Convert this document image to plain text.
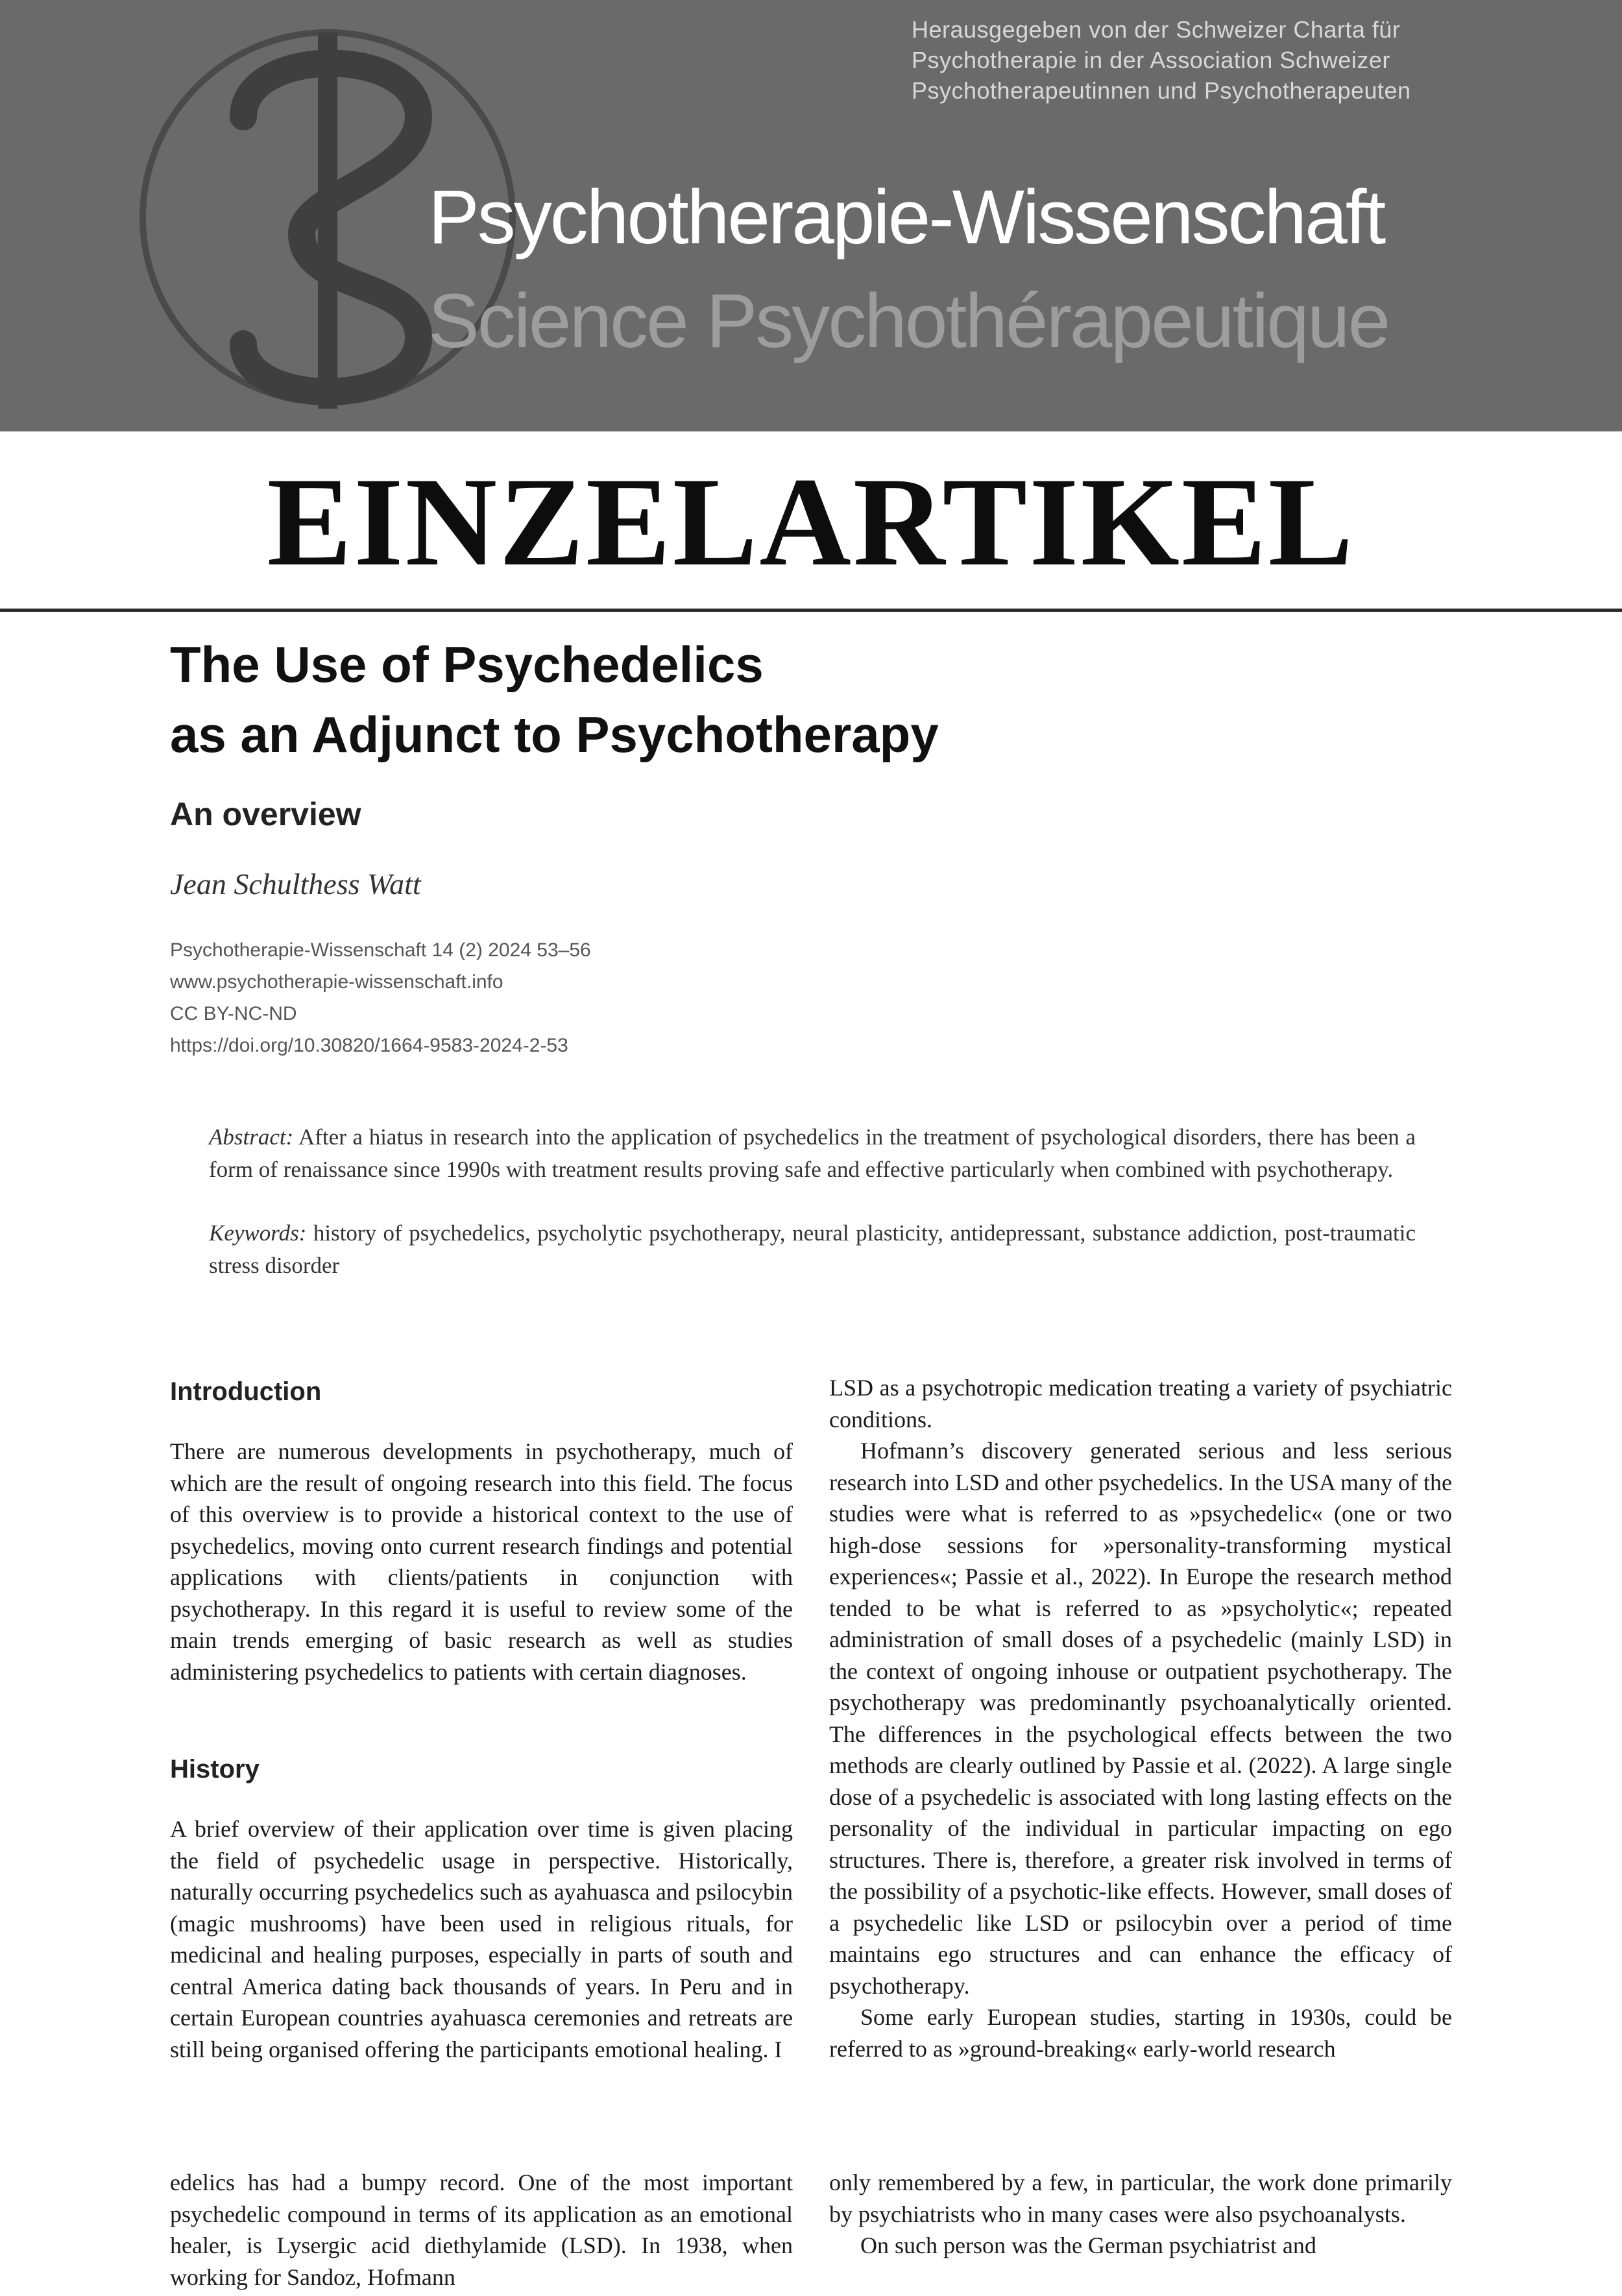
Herausgegeben von der Schweizer Charta für
Psychotherapie in der Association Schweizer
Psychotherapeutinnen und Psychotherapeuten
Psychotherapie-Wissenschaft
Science Psychothérapeutique
EINZELARTIKEL
The Use of Psychedelics
as an Adjunct to Psychotherapy
An overview
Jean Schulthess Watt
Psychotherapie-Wissenschaft 14 (2) 2024 53–56
www.psychotherapie-wissenschaft.info
CC BY-NC-ND
https://doi.org/10.30820/1664-9583-2024-2-53

Abstract: After a hiatus in research into the application of psychedelics in the treatment of psychological disorders, there has been a form of renaissance since 1990s with treatment results proving safe and effective particularly when combined with psychotherapy.

Keywords: history of psychedelics, psycholytic psychotherapy, neural plasticity, antidepressant, substance addiction, post-traumatic stress disorder

Introduction

There are numerous developments in psychotherapy, much of which are the result of ongoing research into this field. The focus of this overview is to provide a historical context to the use of psychedelics, moving onto current research findings and potential applications with clients/patients in conjunction with psychotherapy. In this regard it is useful to review some of the main trends emerging of basic research as well as studies administering psychedelics to patients with certain diagnoses.

History

A brief overview of their application over time is given placing the field of psychedelic usage in perspective. Historically, naturally occurring psychedelics such as ayahuasca and psilocybin (magic mushrooms) have been used in religious rituals, for medicinal and healing purposes, especially in parts of south and central America dating back thousands of years. In Peru and in certain European countries ayahuasca ceremonies and retreats are still being organised offering the participants emotional healing. I

LSD as a psychotropic medication treating a variety of psychiatric conditions.

Hofmann’s discovery generated serious and less serious research into LSD and other psychedelics. In the USA many of the studies were what is referred to as »psychedelic« (one or two high-dose sessions for »personality-transforming mystical experiences«; Passie et al., 2022). In Europe the research method tended to be what is referred to as »psycholytic«; repeated administration of small doses of a psychedelic (mainly LSD) in the context of ongoing inhouse or outpatient psychotherapy. The psychotherapy was predominantly psychoanalytically oriented. The differences in the psychological effects between the two methods are clearly outlined by Passie et al. (2022). A large single dose of a psychedelic is associated with long lasting effects on the personality of the individual in particular impacting on ego structures. There is, therefore, a greater risk involved in terms of the possibility of a psychotic-like effects. However, small doses of a psychedelic like LSD or psilocybin over a period of time maintains ego structures and can enhance the efficacy of psychotherapy.

Some early European studies, starting in 1930s, could be referred to as »ground-breaking« early-world research

edelics has had a bumpy record. One of the most important psychedelic compound in terms of its application as an emotional healer, is Lysergic acid diethylamide (LSD). In 1938, when working for Sandoz, Hofmann

only remembered by a few, in particular, the work done primarily by psychiatrists who in many cases were also psychoanalysts.

On such person was the German psychiatrist and
